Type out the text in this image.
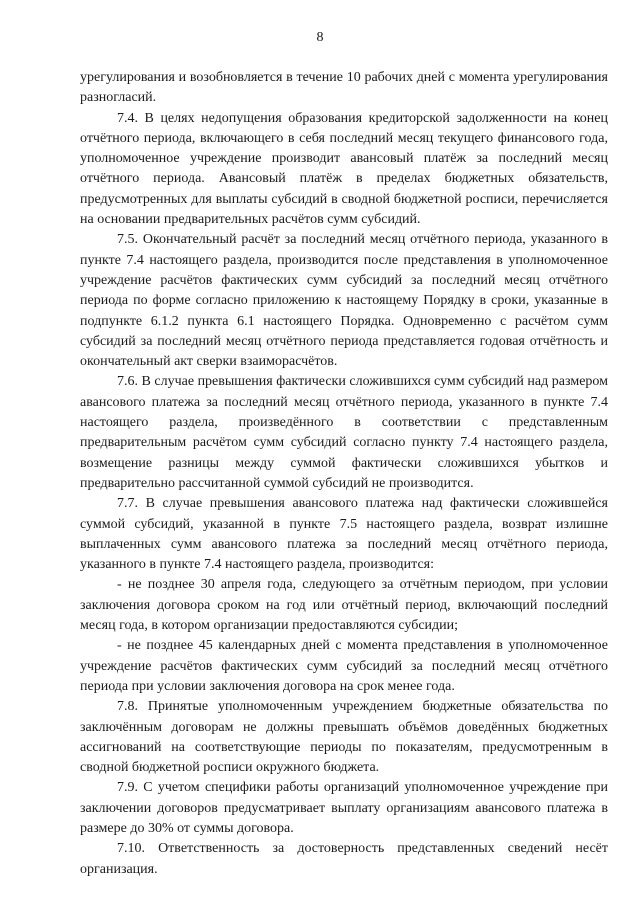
8

урегулирования и возобновляется в течение 10 рабочих дней с момента урегулирования разногласий.

7.4. В целях недопущения образования кредиторской задолженности на конец отчётного периода, включающего в себя последний месяц текущего финансового года, уполномоченное учреждение производит авансовый платёж за последний месяц отчётного периода. Авансовый платёж в пределах бюджетных обязательств, предусмотренных для выплаты субсидий в сводной бюджетной росписи, перечисляется на основании предварительных расчётов сумм субсидий.

7.5. Окончательный расчёт за последний месяц отчётного периода, указанного в пункте 7.4 настоящего раздела, производится после представления в уполномоченное учреждение расчётов фактических сумм субсидий за последний месяц отчётного периода по форме согласно приложению к настоящему Порядку в сроки, указанные в подпункте 6.1.2 пункта 6.1 настоящего Порядка. Одновременно с расчётом сумм субсидий за последний месяц отчётного периода представляется годовая отчётность и окончательный акт сверки взаиморасчётов.

7.6. В случае превышения фактически сложившихся сумм субсидий над размером авансового платежа за последний месяц отчётного периода, указанного в пункте 7.4 настоящего раздела, произведённого в соответствии с представленным предварительным расчётом сумм субсидий согласно пункту 7.4 настоящего раздела, возмещение разницы между суммой фактически сложившихся убытков и предварительно рассчитанной суммой субсидий не производится.

7.7. В случае превышения авансового платежа над фактически сложившейся суммой субсидий, указанной в пункте 7.5 настоящего раздела, возврат излишне выплаченных сумм авансового платежа за последний месяц отчётного периода, указанного в пункте 7.4 настоящего раздела, производится:

- не позднее 30 апреля года, следующего за отчётным периодом, при условии заключения договора сроком на год или отчётный период, включающий последний месяц года, в котором организации предоставляются субсидии;

- не позднее 45 календарных дней с момента представления в уполномоченное учреждение расчётов фактических сумм субсидий за последний месяц отчётного периода при условии заключения договора на срок менее года.

7.8. Принятые уполномоченным учреждением бюджетные обязательства по заключённым договорам не должны превышать объёмов доведённых бюджетных ассигнований на соответствующие периоды по показателям, предусмотренным в сводной бюджетной росписи окружного бюджета.

7.9. С учетом специфики работы организаций уполномоченное учреждение при заключении договоров предусматривает выплату организациям авансового платежа в размере до 30% от суммы договора.

7.10. Ответственность за достоверность представленных сведений несёт организация.
